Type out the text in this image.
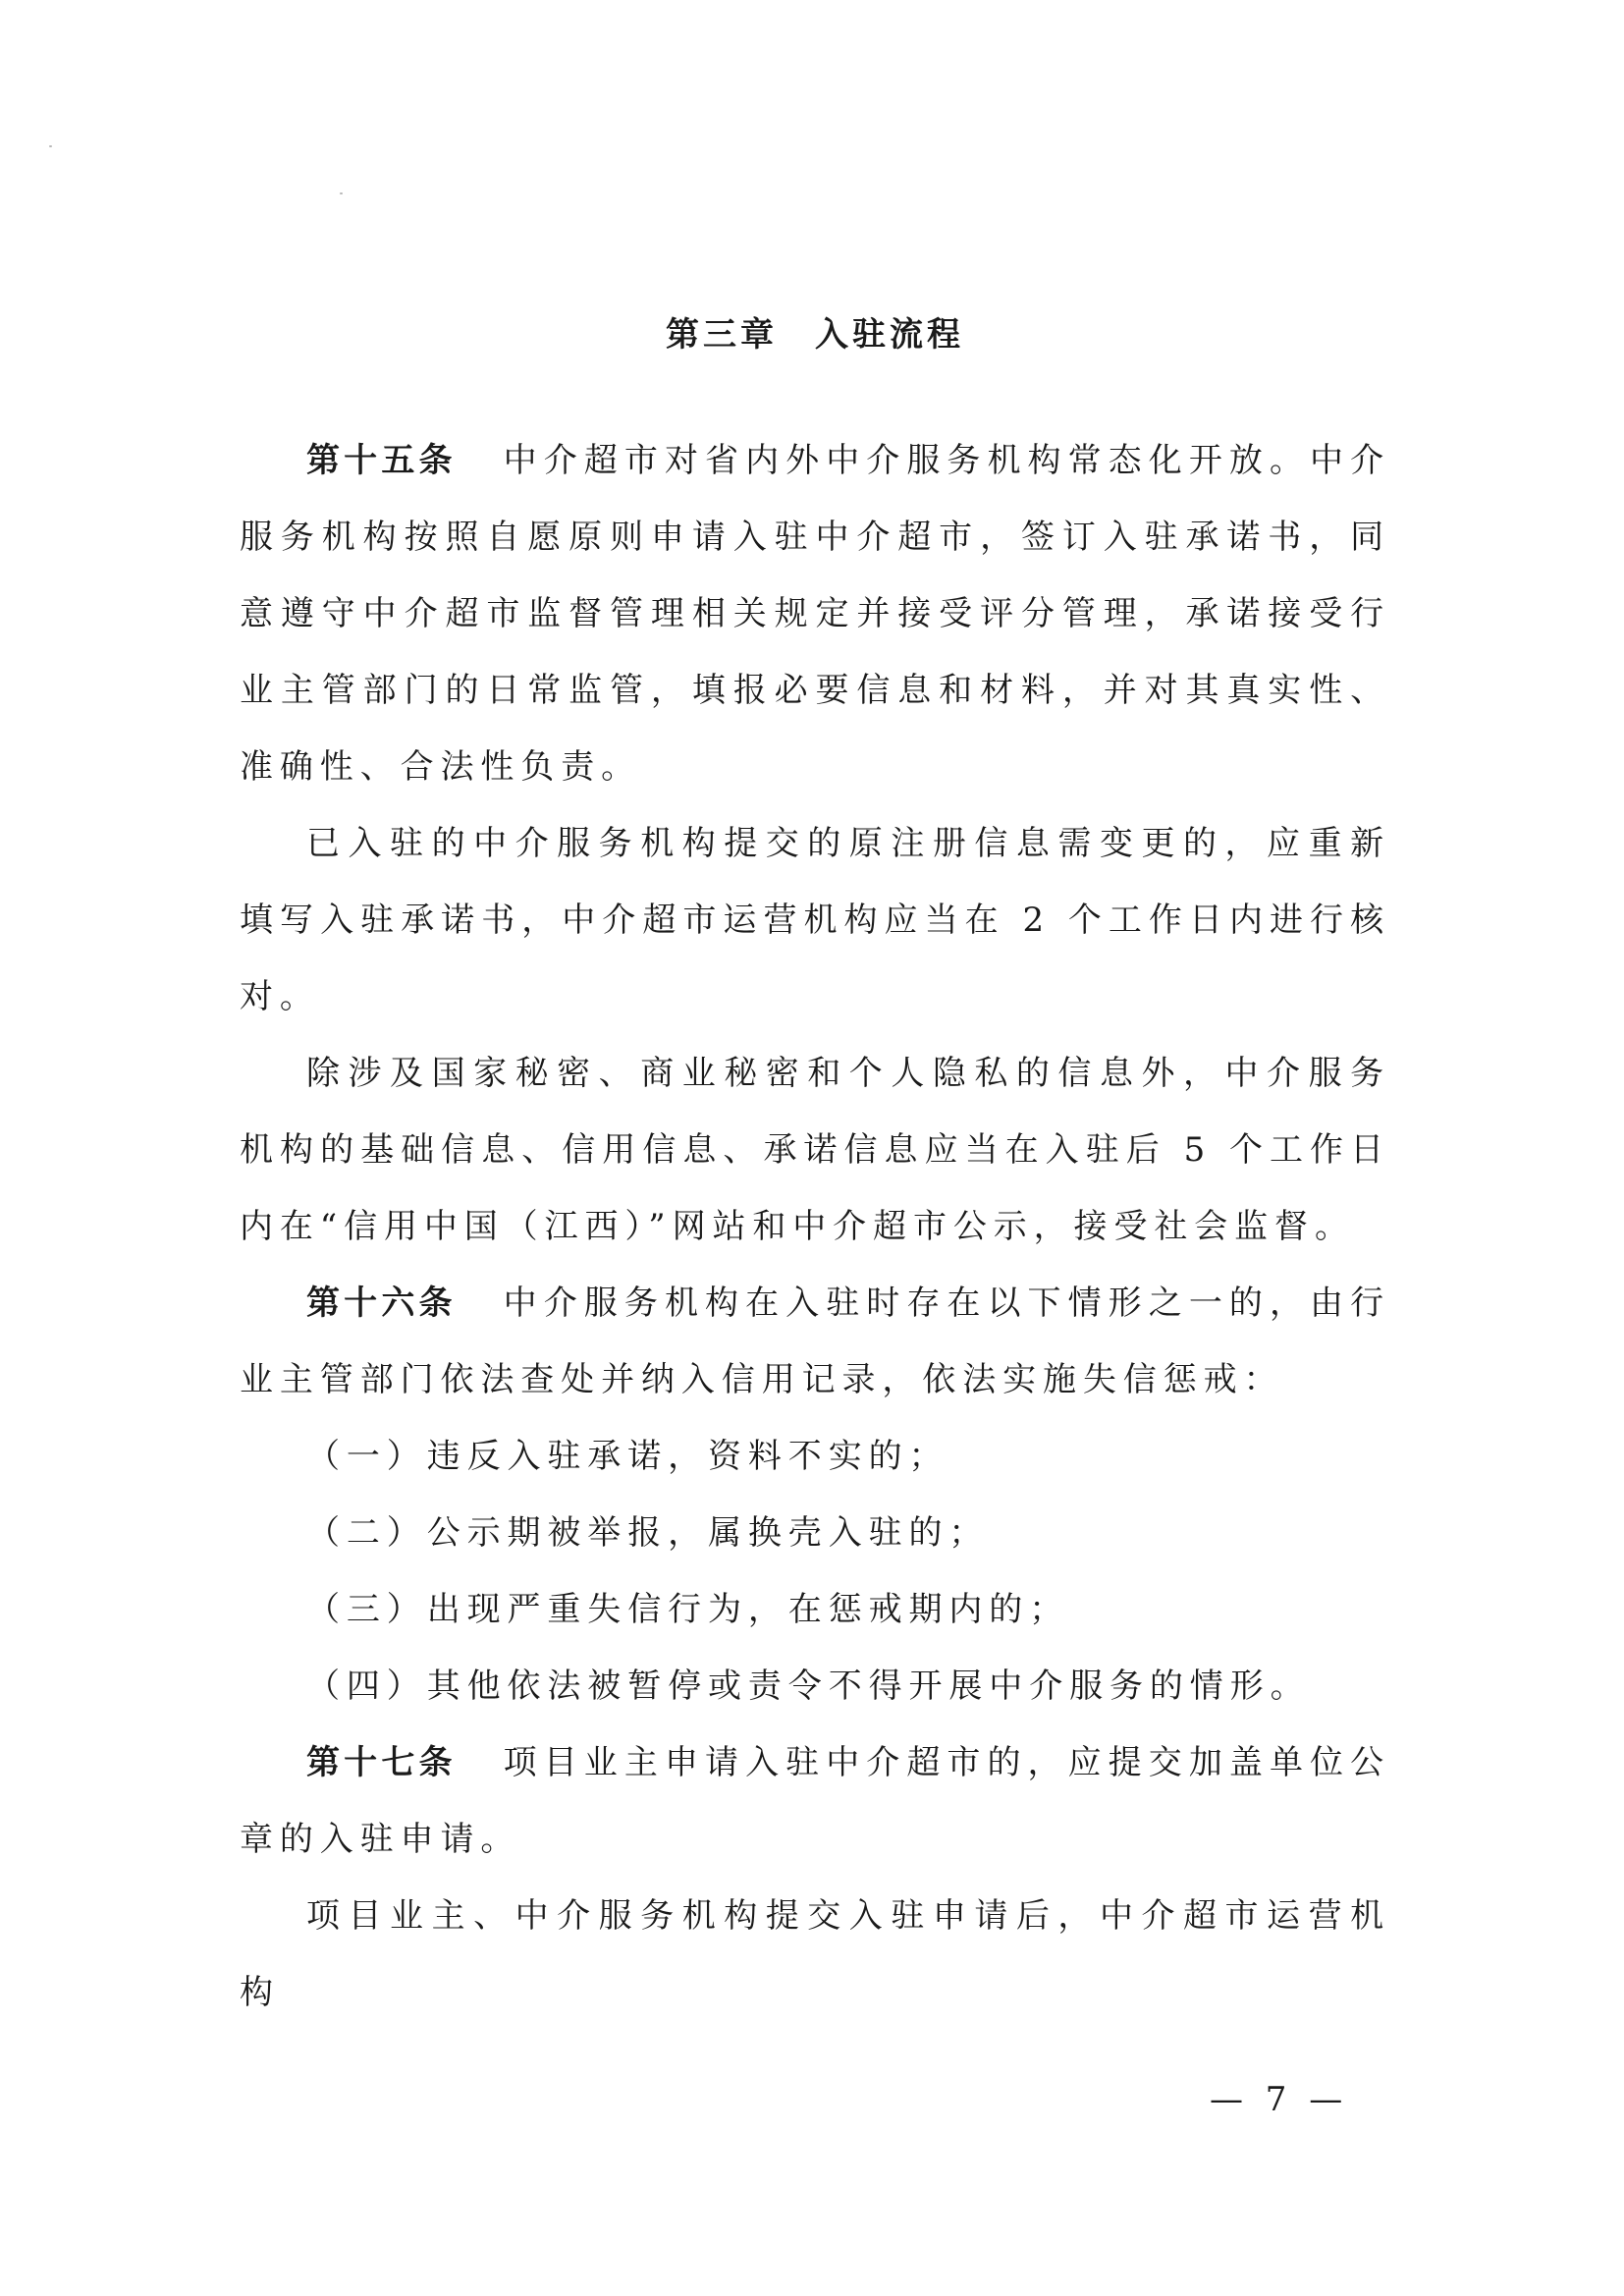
第三章　入驻流程

第十五条 中介超市对省内外中介服务机构常态化开放。中介服务机构按照自愿原则申请入驻中介超市，签订入驻承诺书，同意遵守中介超市监督管理相关规定并接受评分管理，承诺接受行业主管部门的日常监管，填报必要信息和材料，并对其真实性、准确性、合法性负责。

已入驻的中介服务机构提交的原注册信息需变更的，应重新填写入驻承诺书，中介超市运营机构应当在 2 个工作日内进行核对。

除涉及国家秘密、商业秘密和个人隐私的信息外，中介服务机构的基础信息、信用信息、承诺信息应当在入驻后 5 个工作日内在“信用中国（江西）”网站和中介超市公示，接受社会监督。

第十六条 中介服务机构在入驻时存在以下情形之一的，由行业主管部门依法查处并纳入信用记录，依法实施失信惩戒：

（一）违反入驻承诺，资料不实的；

（二）公示期被举报，属换壳入驻的；

（三）出现严重失信行为，在惩戒期内的；

（四）其他依法被暂停或责令不得开展中介服务的情形。

第十七条 项目业主申请入驻中介超市的，应提交加盖单位公章的入驻申请。

项目业主、中介服务机构提交入驻申请后，中介超市运营机构

— 7 —
